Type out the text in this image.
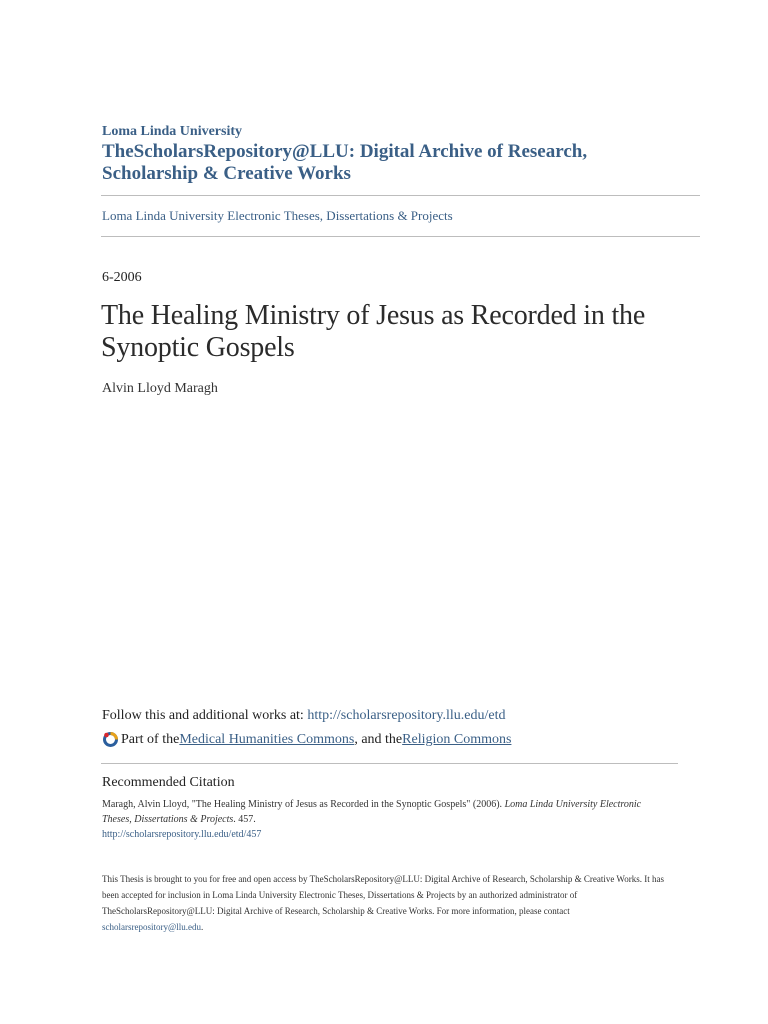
Loma Linda University
TheScholarsRepository@LLU: Digital Archive of Research,
Scholarship & Creative Works
Loma Linda University Electronic Theses, Dissertations & Projects
6-2006
The Healing Ministry of Jesus as Recorded in the
Synoptic Gospels
Alvin Lloyd Maragh
Follow this and additional works at: http://scholarsrepository.llu.edu/etd
Part of the Medical Humanities Commons , and the Religion Commons
Recommended Citation
Maragh, Alvin Lloyd, "The Healing Ministry of Jesus as Recorded in the Synoptic Gospels" (2006). Loma Linda University Electronic Theses, Dissertations & Projects. 457.
http://scholarsrepository.llu.edu/etd/457
This Thesis is brought to you for free and open access by TheScholarsRepository@LLU: Digital Archive of Research, Scholarship & Creative Works. It has been accepted for inclusion in Loma Linda University Electronic Theses, Dissertations & Projects by an authorized administrator of TheScholarsRepository@LLU: Digital Archive of Research, Scholarship & Creative Works. For more information, please contact scholarsrepository@llu.edu.
